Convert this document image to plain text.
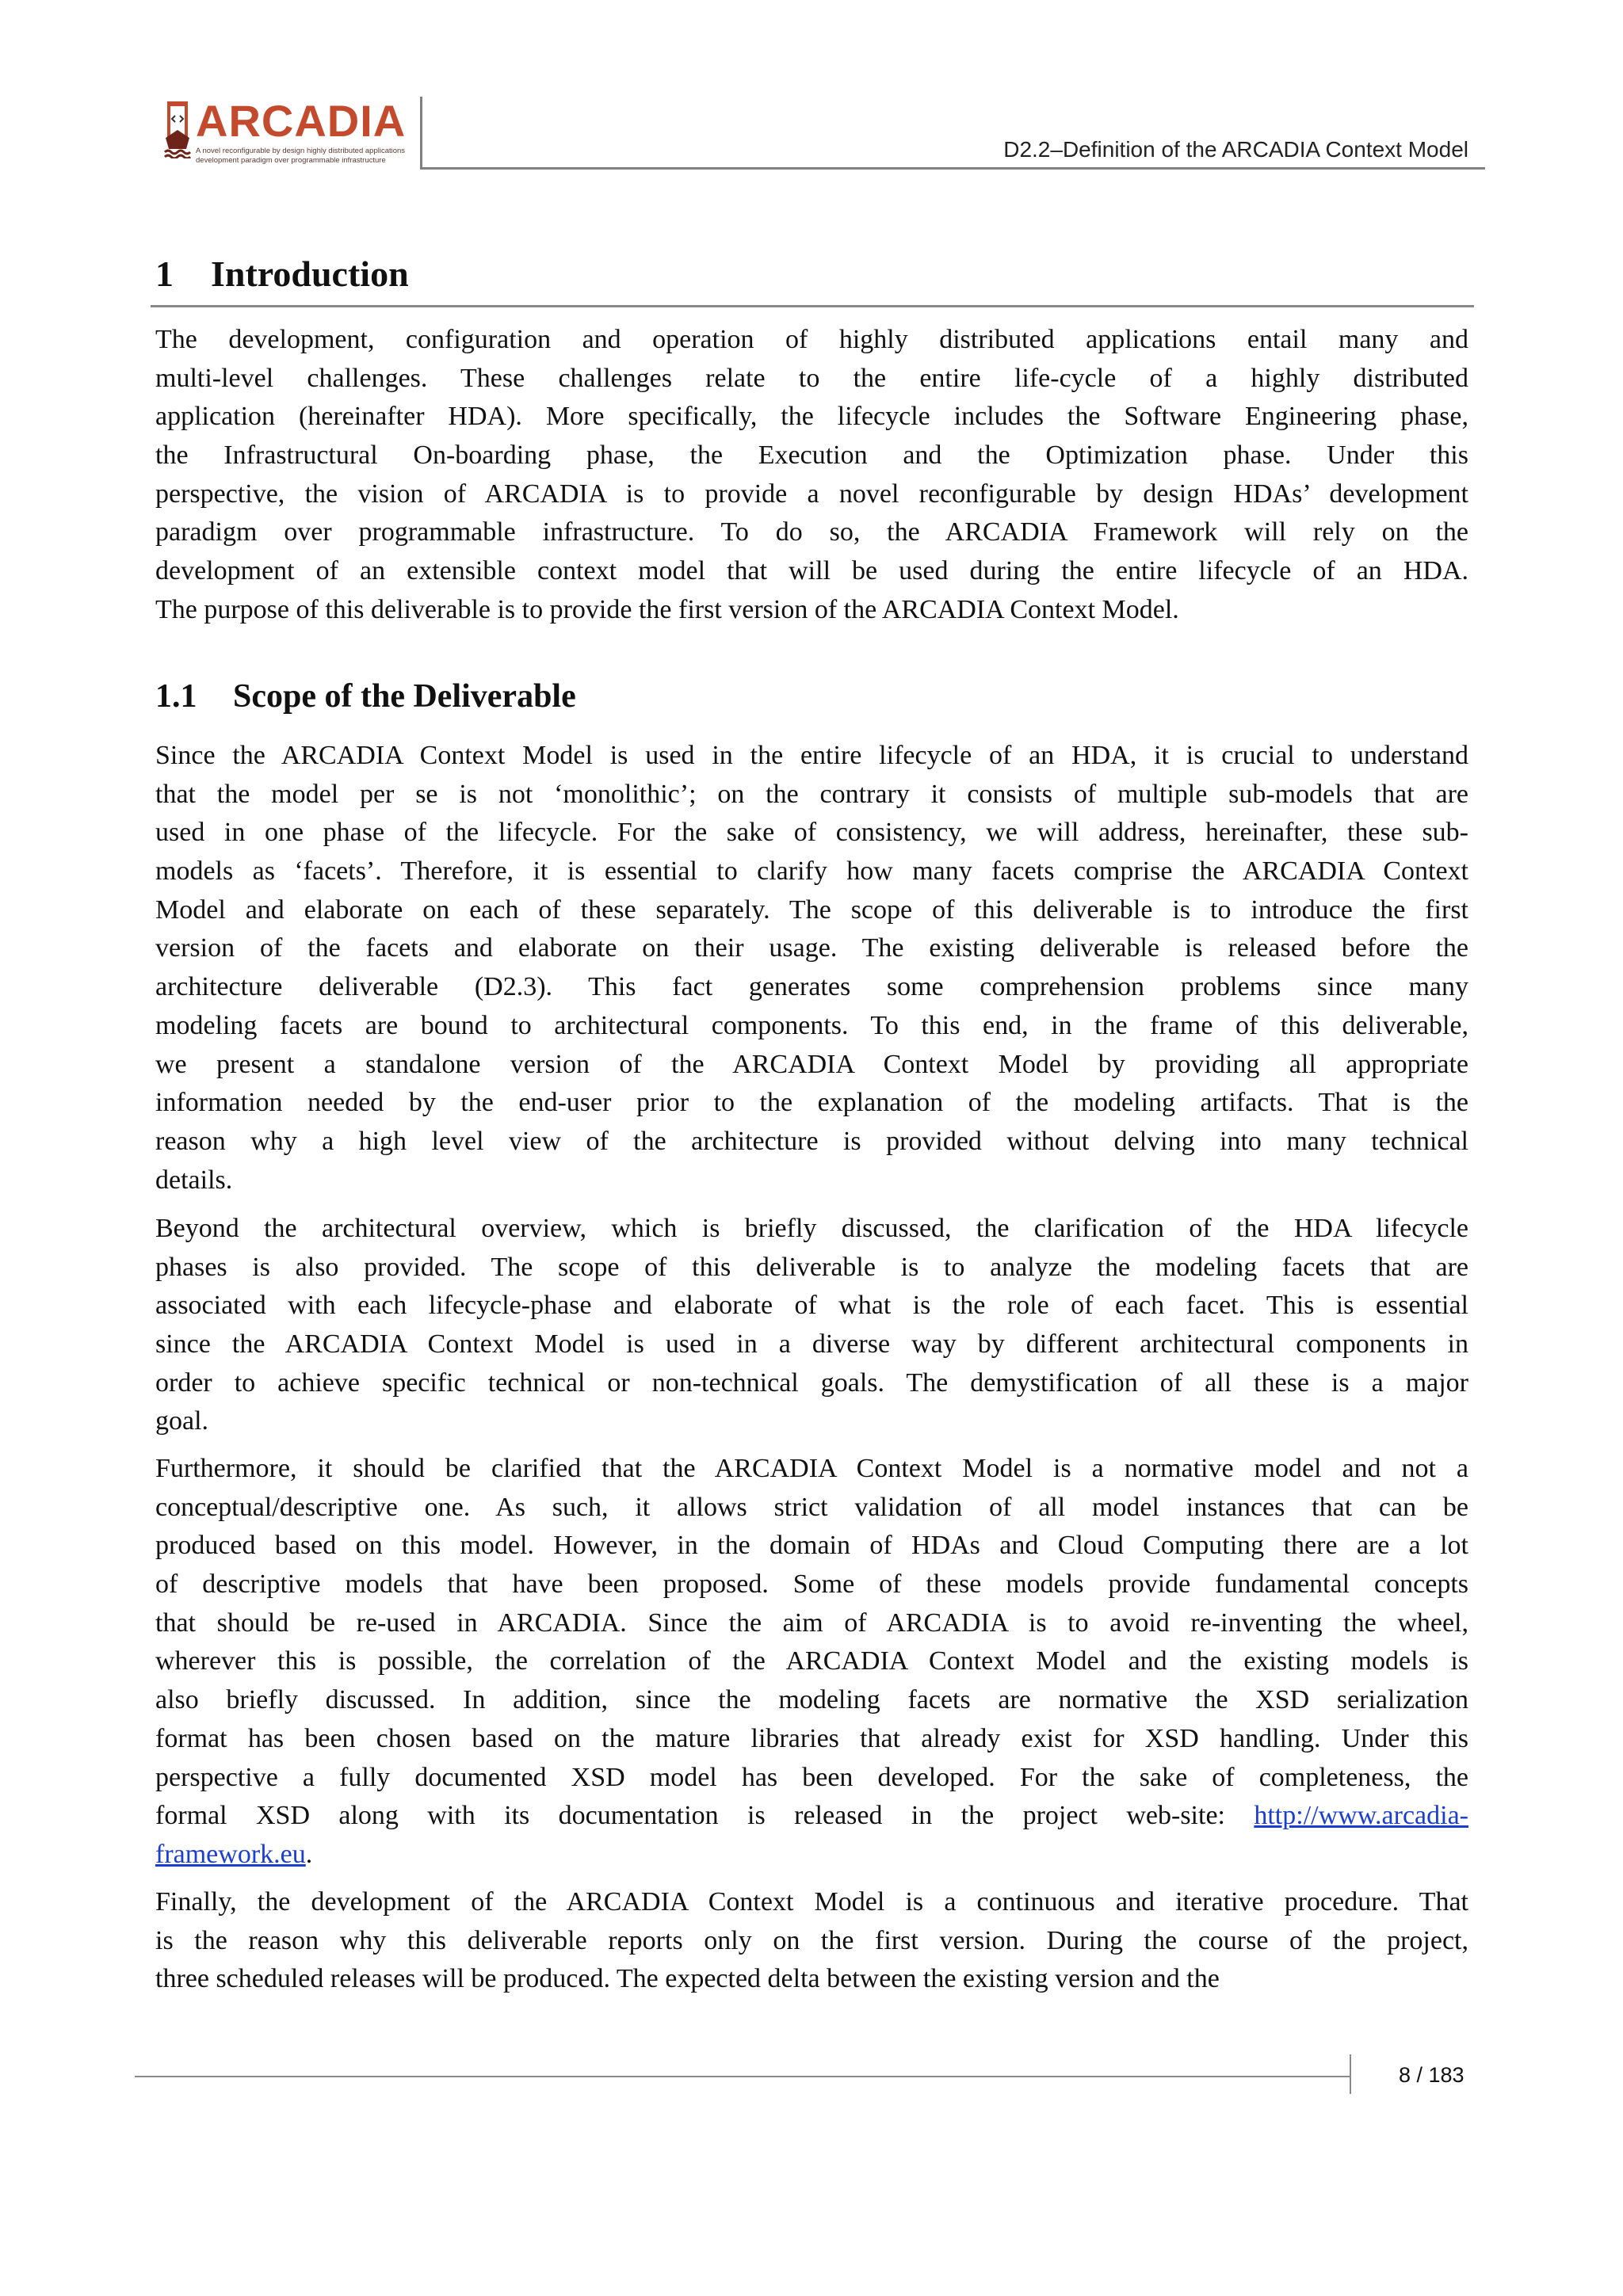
ARCADIA
A novel reconfigurable by design highly distributed applications
development paradigm over programmable infrastructure	D2.2–Definition of the ARCADIA Context Model
1 Introduction
The development, configuration and operation of highly distributed applications entail many and
multi-level challenges. These challenges relate to the entire life-cycle of a highly distributed
application (hereinafter HDA). More specifically, the lifecycle includes the Software Engineering phase,
the Infrastructural On-boarding phase, the Execution and the Optimization phase. Under this
perspective, the vision of ARCADIA is to provide a novel reconfigurable by design HDAs’ development
paradigm over programmable infrastructure. To do so, the ARCADIA Framework will rely on the
development of an extensible context model that will be used during the entire lifecycle of an HDA.
The purpose of this deliverable is to provide the first version of the ARCADIA Context Model.
1.1 Scope of the Deliverable
Since the ARCADIA Context Model is used in the entire lifecycle of an HDA, it is crucial to understand
that the model per se is not ‘monolithic’; on the contrary it consists of multiple sub-models that are
used in one phase of the lifecycle. For the sake of consistency, we will address, hereinafter, these sub-
models as ‘facets’. Therefore, it is essential to clarify how many facets comprise the ARCADIA Context
Model and elaborate on each of these separately. The scope of this deliverable is to introduce the first
version of the facets and elaborate on their usage. The existing deliverable is released before the
architecture deliverable (D2.3). This fact generates some comprehension problems since many
modeling facets are bound to architectural components. To this end, in the frame of this deliverable,
we present a standalone version of the ARCADIA Context Model by providing all appropriate
information needed by the end-user prior to the explanation of the modeling artifacts. That is the
reason why a high level view of the architecture is provided without delving into many technical
details.
Beyond the architectural overview, which is briefly discussed, the clarification of the HDA lifecycle
phases is also provided. The scope of this deliverable is to analyze the modeling facets that are
associated with each lifecycle-phase and elaborate of what is the role of each facet. This is essential
since the ARCADIA Context Model is used in a diverse way by different architectural components in
order to achieve specific technical or non-technical goals. The demystification of all these is a major
goal.
Furthermore, it should be clarified that the ARCADIA Context Model is a normative model and not a
conceptual/descriptive one. As such, it allows strict validation of all model instances that can be
produced based on this model. However, in the domain of HDAs and Cloud Computing there are a lot
of descriptive models that have been proposed. Some of these models provide fundamental concepts
that should be re-used in ARCADIA. Since the aim of ARCADIA is to avoid re-inventing the wheel,
wherever this is possible, the correlation of the ARCADIA Context Model and the existing models is
also briefly discussed. In addition, since the modeling facets are normative the XSD serialization
format has been chosen based on the mature libraries that already exist for XSD handling. Under this
perspective a fully documented XSD model has been developed. For the sake of completeness, the
formal XSD along with its documentation is released in the project web-site: http://www.arcadia-
framework.eu.
Finally, the development of the ARCADIA Context Model is a continuous and iterative procedure. That
is the reason why this deliverable reports only on the first version. During the course of the project,
three scheduled releases will be produced. The expected delta between the existing version and the
8 / 183
